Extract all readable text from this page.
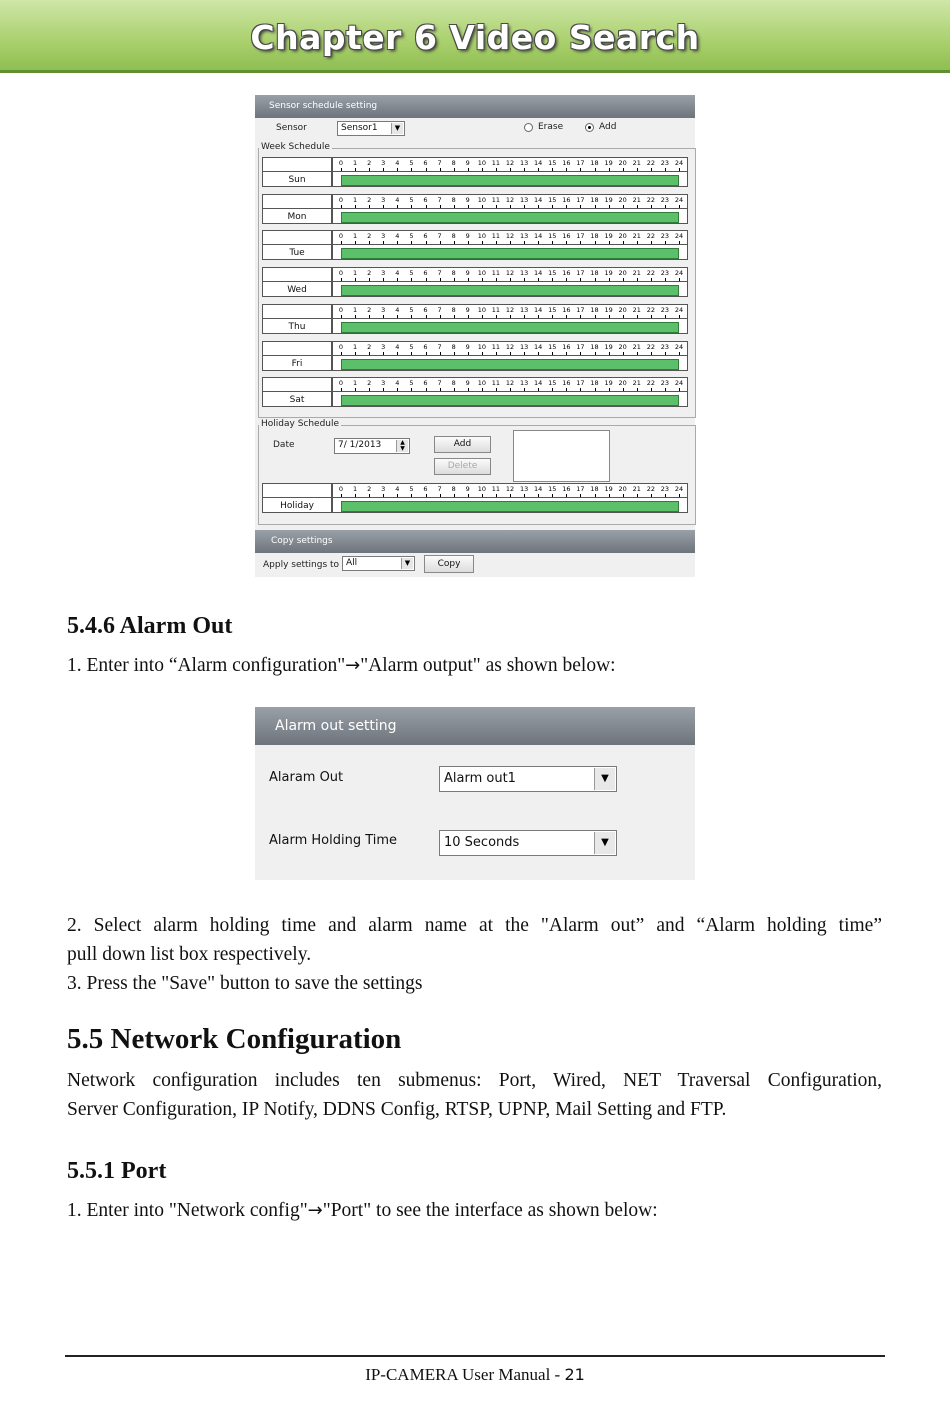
Chapter 6 Video Search
Sensor schedule setting
Sensor	Sensor1	▼	Erase	Add
Week Schedule
Sun
0	1	2	3	4	5	6	7	8	9	10 11 12 13 14 15 16 17 18 19 20 21 22 23 24
Mon
0	1	2	3	4	5	6	7	8	9	10 11 12 13 14 15 16 17 18 19 20 21 22 23 24
Tue
0	1	2	3	4	5	6	7	8	9	10 11 12 13 14 15 16 17 18 19 20 21 22 23 24
Wed
0	1	2	3	4	5	6	7	8	9	10 11 12 13 14 15 16 17 18 19 20 21 22 23 24
Thu
0	1	2	3	4	5	6	7	8	9	10 11 12 13 14 15 16 17 18 19 20 21 22 23 24
Fri
0	1	2	3	4	5	6	7	8	9	10 11 12 13 14 15 16 17 18 19 20 21 22 23 24
Sat
0	1	2	3	4	5	6	7	8	9	10 11 12 13 14 15 16 17 18 19 20 21 22 23 24
Holiday Schedule
Date	7/ 1/2013	▲
▼	Add
Delete
Holiday
0	1	2	3	4	5	6	7	8	9	10 11 12 13 14 15 16 17 18 19 20 21 22 23 24
Copy settings
Apply settings to All	▼	Copy
5.4.6 Alarm Out
1. Enter into “Alarm configuration"→"Alarm output" as shown below:
Alarm out setting
Alaram Out	Alarm out1	▼
Alarm Holding Time	10 Seconds	▼
2. Select alarm holding time and alarm name at the "Alarm out” and “Alarm holding time”
pull down list box respectively.
3. Press the "Save" button to save the settings
5.5 Network Configuration
Network configuration includes ten submenus: Port, Wired, NET Traversal Configuration,
Server Configuration, IP Notify, DDNS Config, RTSP, UPNP, Mail Setting and FTP.
5.5.1 Port
1. Enter into "Network config"→"Port" to see the interface as shown below:
IP-CAMERA User Manual - 21
